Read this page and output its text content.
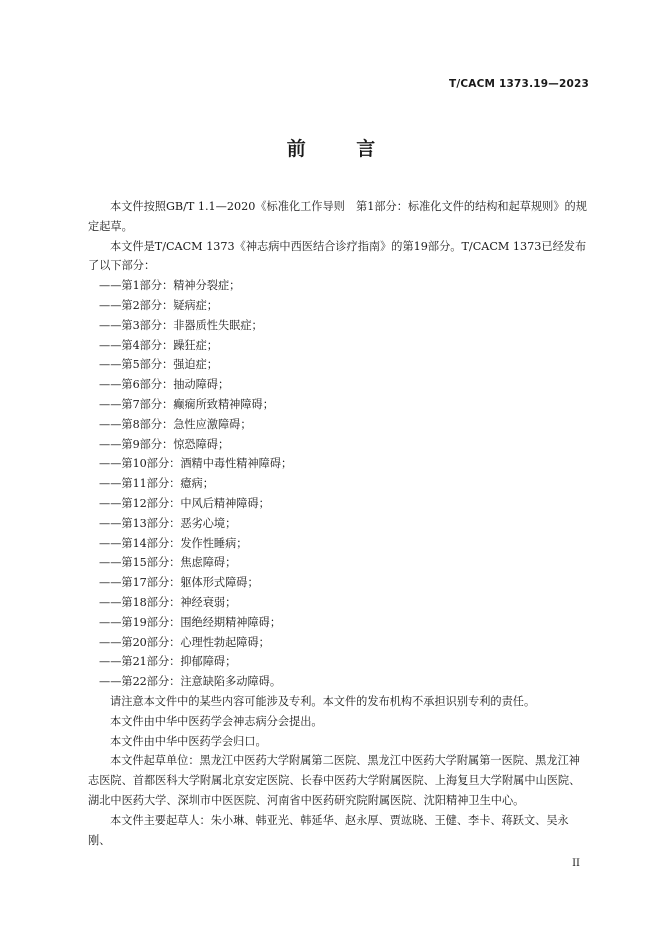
T/CACM 1373.19—2023
前 言

本文件按照GB/T 1.1—2020《标准化工作导则　第1部分：标准化文件的结构和起草规则》的规定起草。

本文件是T/CACM 1373《神志病中西医结合诊疗指南》的第19部分。T/CACM 1373已经发布了以下部分：

——第1部分：精神分裂症；

——第2部分：疑病症；

——第3部分：非器质性失眠症；

——第4部分：躁狂症；

——第5部分：强迫症；

——第6部分：抽动障碍；

——第7部分：癫痫所致精神障碍；

——第8部分：急性应激障碍；

——第9部分：惊恐障碍；

——第10部分：酒精中毒性精神障碍；

——第11部分：癔病；

——第12部分：中风后精神障碍；

——第13部分：恶劣心境；

——第14部分：发作性睡病；

——第15部分：焦虑障碍；

——第17部分：躯体形式障碍；

——第18部分：神经衰弱；

——第19部分：围绝经期精神障碍；

——第20部分：心理性勃起障碍；

——第21部分：抑郁障碍；

——第22部分：注意缺陷多动障碍。

请注意本文件中的某些内容可能涉及专利。本文件的发布机构不承担识别专利的责任。

本文件由中华中医药学会神志病分会提出。

本文件由中华中医药学会归口。

本文件起草单位：黑龙江中医药大学附属第二医院、黑龙江中医药大学附属第一医院、黑龙江神志医院、首都医科大学附属北京安定医院、长春中医药大学附属医院、上海复旦大学附属中山医院、湖北中医药大学、深圳市中医医院、河南省中医药研究院附属医院、沈阳精神卫生中心。

本文件主要起草人：朱小琳、韩亚光、韩延华、赵永厚、贾竑晓、王健、李卡、蒋跃文、吴永刚、

II
